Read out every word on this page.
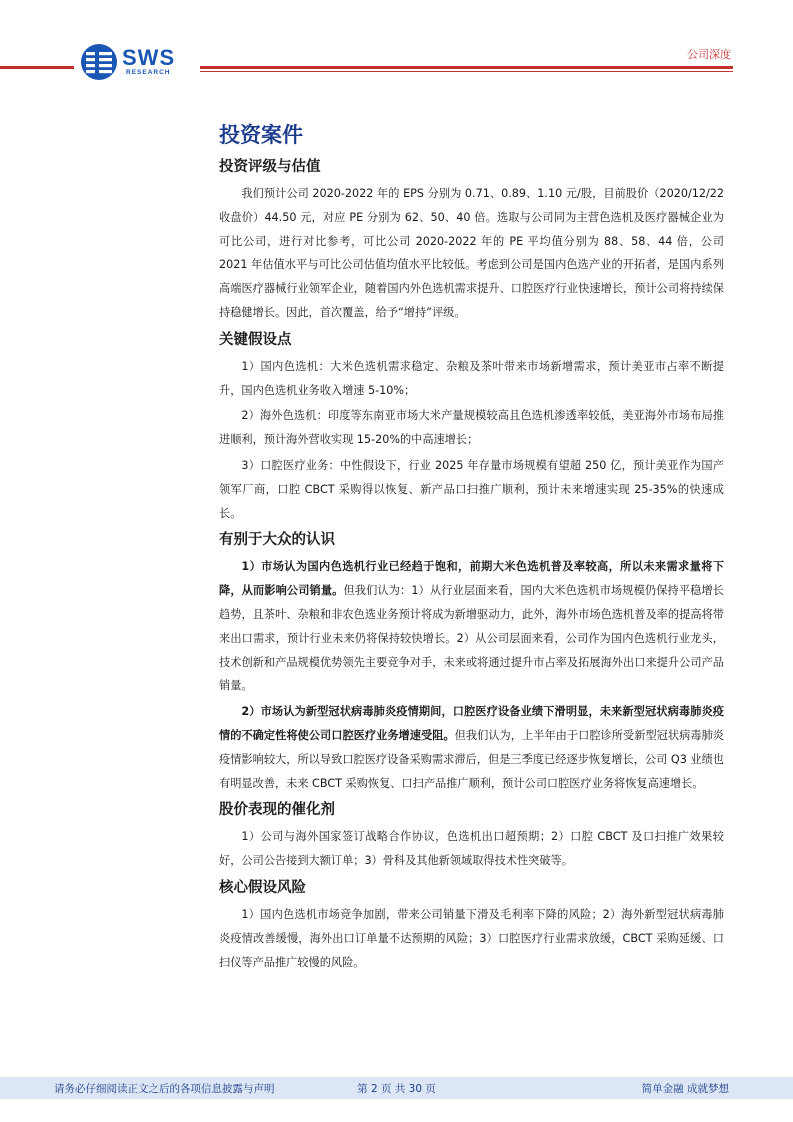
SWS
RESEARCH
公司深度
投资案件
投资评级与估值

我们预计公司 2020-2022 年的 EPS 分别为 0.71、0.89、1.10 元/股，目前股价（2020/12/22 收盘价）44.50 元，对应 PE 分别为 62、50、40 倍。选取与公司同为主营色选机及医疗器械企业为可比公司，进行对比参考，可比公司 2020-2022 年的 PE 平均值分别为 88、58、44 倍，公司 2021 年估值水平与可比公司估值均值水平比较低。考虑到公司是国内色选产业的开拓者，是国内系列高端医疗器械行业领军企业，随着国内外色选机需求提升、口腔医疗行业快速增长，预计公司将持续保持稳健增长。因此，首次覆盖，给予“增持”评级。

关键假设点

1）国内色选机：大米色选机需求稳定、杂粮及茶叶带来市场新增需求，预计美亚市占率不断提升，国内色选机业务收入增速 5-10%；

2）海外色选机：印度等东南亚市场大米产量规模较高且色选机渗透率较低，美亚海外市场布局推进顺利，预计海外营收实现 15-20%的中高速增长；

3）口腔医疗业务：中性假设下，行业 2025 年存量市场规模有望超 250 亿，预计美亚作为国产领军厂商，口腔 CBCT 采购得以恢复、新产品口扫推广顺利，预计未来增速实现 25-35%的快速成长。

有别于大众的认识

1）市场认为国内色选机行业已经趋于饱和，前期大米色选机普及率较高，所以未来需求量将下降，从而影响公司销量。但我们认为：1）从行业层面来看，国内大米色选机市场规模仍保持平稳增长趋势，且茶叶、杂粮和非农色选业务预计将成为新增驱动力，此外，海外市场色选机普及率的提高将带来出口需求，预计行业未来仍将保持较快增长。2）从公司层面来看，公司作为国内色选机行业龙头，技术创新和产品规模优势领先主要竞争对手，未来或将通过提升市占率及拓展海外出口来提升公司产品销量。

2）市场认为新型冠状病毒肺炎疫情期间，口腔医疗设备业绩下滑明显，未来新型冠状病毒肺炎疫情的不确定性将使公司口腔医疗业务增速受阻。但我们认为，上半年由于口腔诊所受新型冠状病毒肺炎疫情影响较大，所以导致口腔医疗设备采购需求滞后，但是三季度已经逐步恢复增长，公司 Q3 业绩也有明显改善，未来 CBCT 采购恢复、口扫产品推广顺利，预计公司口腔医疗业务将恢复高速增长。

股价表现的催化剂

1）公司与海外国家签订战略合作协议，色选机出口超预期；2）口腔 CBCT 及口扫推广效果较好，公司公告接到大额订单；3）骨科及其他新领域取得技术性突破等。

核心假设风险

1）国内色选机市场竞争加剧，带来公司销量下滑及毛利率下降的风险；2）海外新型冠状病毒肺炎疫情改善缓慢，海外出口订单量不达预期的风险；3）口腔医疗行业需求放缓，CBCT 采购延缓、口扫仪等产品推广较慢的风险。

请务必仔细阅读正文之后的各项信息披露与声明	第 2 页 共 30 页	简单金融 成就梦想
